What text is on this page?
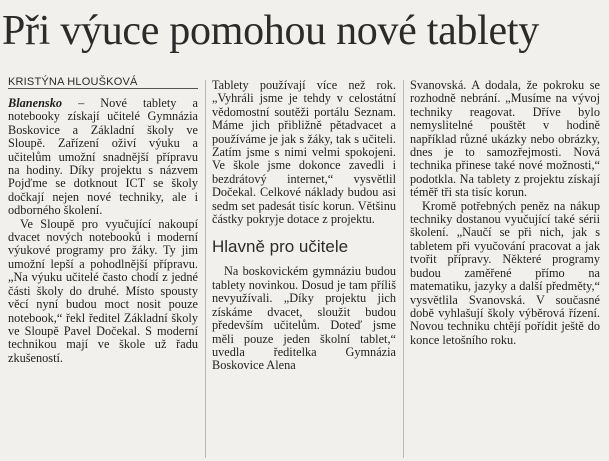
Při výuce pomohou nové tablety
KRISTÝNA HLOUŠKOVÁ

Blanensko – Nové tablety a notebooky získají učitelé Gymnázia Boskovice a Základní školy ve Sloupě. Zařízení oživí výuku a učitelům umožní snadnější přípravu na hodiny. Díky projektu s názvem Pojďme se dotknout ICT se školy dočkají nejen nové techniky, ale i odborného školení.

Ve Sloupě pro vyučující nakoupí dvacet nových notebooků i moderní výukové programy pro žáky. Ty jim umožní lepší a pohodlnější přípravu. „Na výuku učitelé často chodí z jedné části školy do druhé. Místo spousty věcí nyní budou moct nosit pouze notebook,“ řekl ředitel Základní školy ve Sloupě Pavel Dočekal. S moderní technikou mají ve škole už řadu zkušeností.

Tablety používají více než rok. „Vyhráli jsme je tehdy v celostátní vědomostní soutěži portálu Seznam. Máme jich přibližně pětadvacet a používáme je jak s žáky, tak s učiteli. Zatím jsme s nimi velmi spokojeni. Ve škole jsme dokonce zavedli i bezdrátový internet,“ vysvětlil Dočekal. Celkové náklady budou asi sedm set padesát tisíc korun. Většinu částky pokryje dotace z projektu.

Hlavně pro učitele

Na boskovickém gymnáziu budou tablety novinkou. Dosud je tam příliš nevyužívali. „Díky projektu jich získáme dvacet, sloužit budou především učitelům. Doteď jsme měli pouze jeden školní tablet,“ uvedla ředitelka Gymnázia Boskovice Alena

Svanovská. A dodala, že pokroku se rozhodně nebrání. „Musíme na vývoj techniky reagovat. Dříve bylo nemyslitelné pouštět v hodině například různé ukázky nebo obrázky, dnes je to samozřejmosti. Nová technika přinese také nové možnosti,“ podotkla. Na tablety z projektu získají téměř tři sta tisíc korun.

Kromě potřebných peněz na nákup techniky dostanou vyučující také sérii školení. „Naučí se při nich, jak s tabletem při vyučování pracovat a jak tvořit přípravy. Některé programy budou zaměřené přímo na matematiku, jazyky a další předměty,“ vysvětlila Svanovská. V současné době vyhlašují školy výběrová řízení. Novou techniku chtějí pořídit ještě do konce letošního roku.
